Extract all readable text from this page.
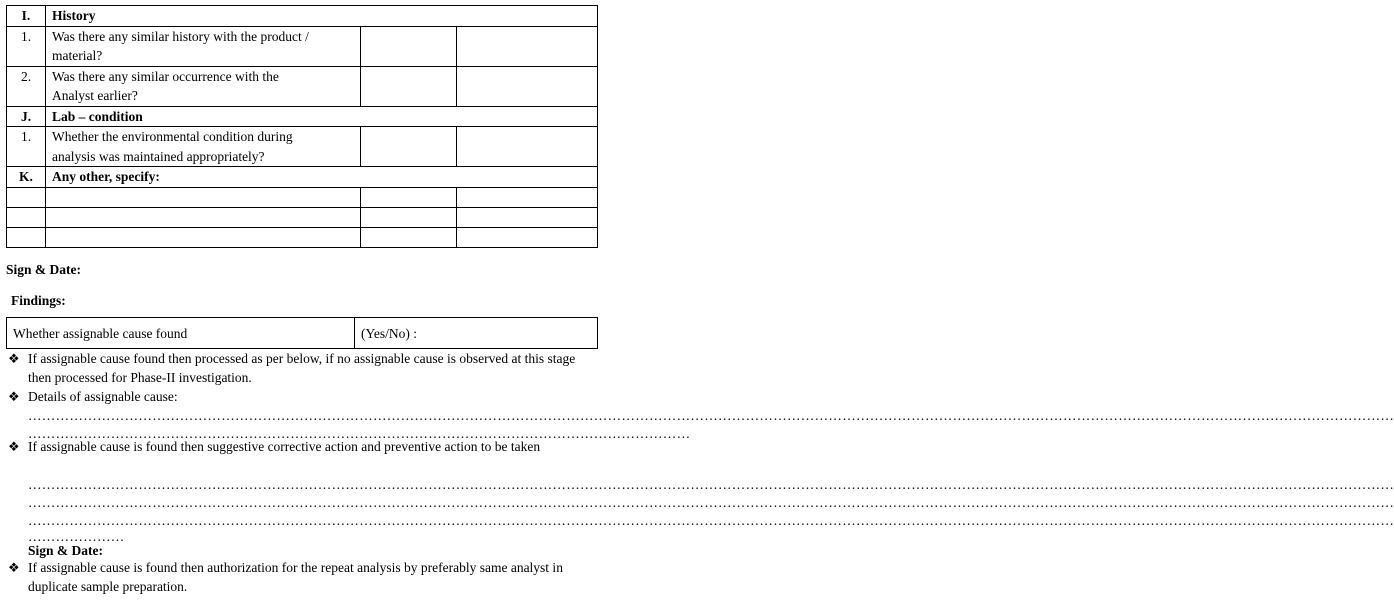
I.	History		
1.	Was there any similar history with the product /
material?		
2.	Was there any similar occurrence with the
Analyst earlier?		
J.	Lab – condition		
1.	Whether the environmental condition during
analysis was maintained appropriately?		
K.	Any other, specify:		

Sign & Date:
Findings:
Whether assignable cause found	(Yes/No) :
❖ If assignable cause found then processed as per below, if no assignable cause is observed at this stage then processed for Phase-II investigation.
❖ Details of assignable cause:
………………………………………………………………………………………………………………………………………………………………………………………………………………………………………………………………………
………………………………………………………………………………………………………………………………
❖ If assignable cause is found then suggestive corrective action and preventive action to be taken
………………………………………………………………………………………………………………………………………………………………………………………………………………………………………………………………………
………………………………………………………………………………………………………………………………………………………………………………………………………………………………………………………………………
………………………………………………………………………………………………………………………………………………………………………………………………………………………………………………………………………
…………………
Sign & Date:
❖ If assignable cause is found then authorization for the repeat analysis by preferably same analyst in duplicate sample preparation.
